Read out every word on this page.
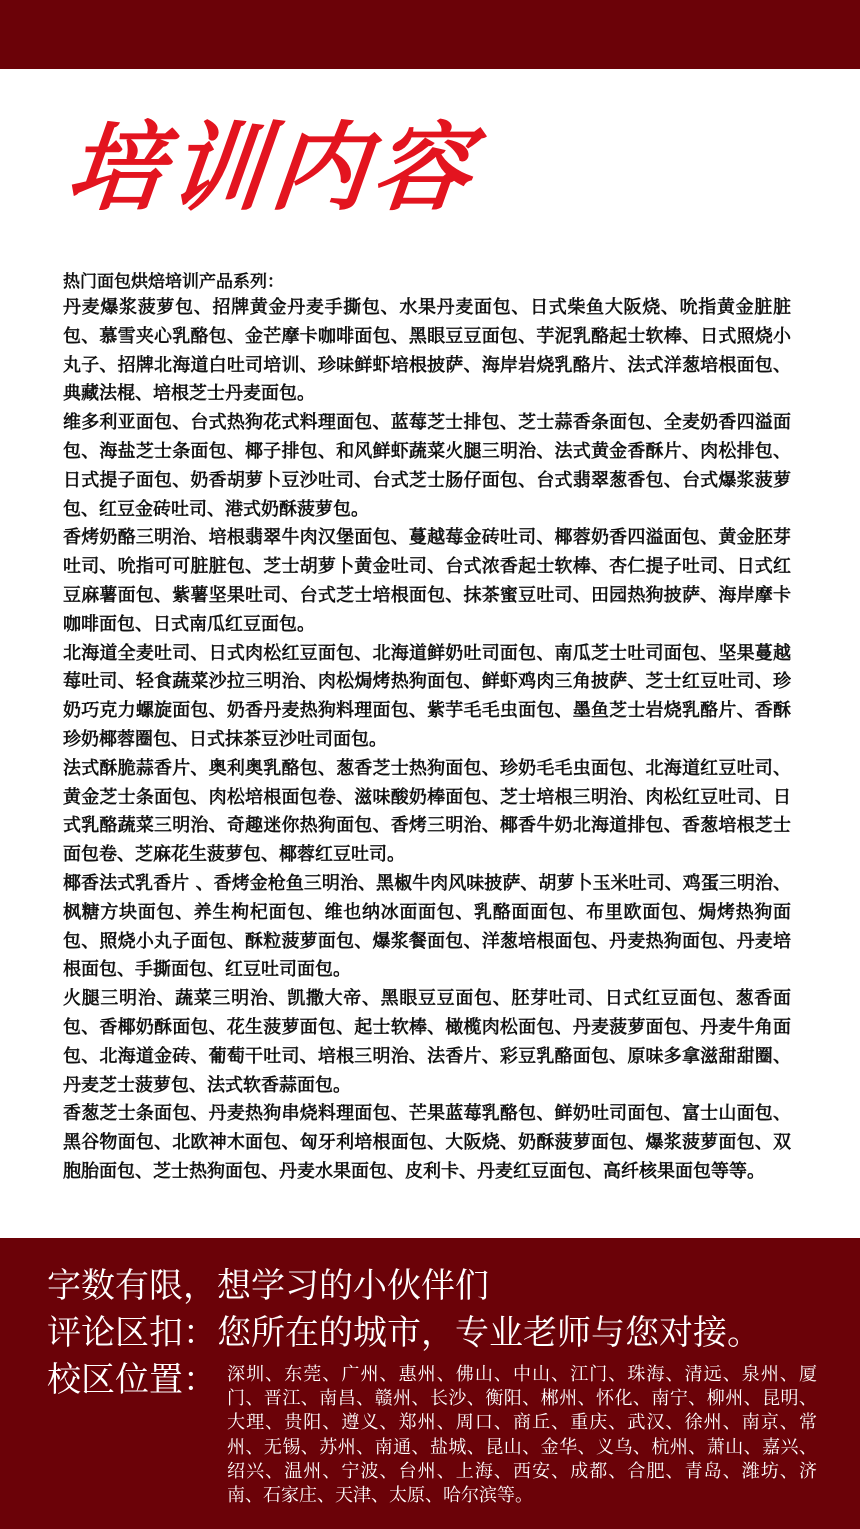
培训内容

热门面包烘焙培训产品系列：

丹麦爆浆菠萝包、招牌黄金丹麦手撕包、水果丹麦面包、日式柴鱼大阪烧、吮指黄金脏脏包、慕雪夹心乳酪包、金芒摩卡咖啡面包、黑眼豆豆面包、芋泥乳酪起士软棒、日式照烧小丸子、招牌北海道白吐司培训、珍味鲜虾培根披萨、海岸岩烧乳酪片、法式洋葱培根面包、典藏法棍、培根芝士丹麦面包。

维多利亚面包、台式热狗花式料理面包、蓝莓芝士排包、芝士蒜香条面包、全麦奶香四溢面包、海盐芝士条面包、椰子排包、和风鲜虾蔬菜火腿三明治、法式黄金香酥片、肉松排包、日式提子面包、奶香胡萝卜豆沙吐司、台式芝士肠仔面包、台式翡翠葱香包、台式爆浆菠萝包、红豆金砖吐司、港式奶酥菠萝包。

香烤奶酪三明治、培根翡翠牛肉汉堡面包、蔓越莓金砖吐司、椰蓉奶香四溢面包、黄金胚芽吐司、吮指可可脏脏包、芝士胡萝卜黄金吐司、台式浓香起士软棒、杏仁提子吐司、日式红豆麻薯面包、紫薯坚果吐司、台式芝士培根面包、抹茶蜜豆吐司、田园热狗披萨、海岸摩卡咖啡面包、日式南瓜红豆面包。

北海道全麦吐司、日式肉松红豆面包、北海道鲜奶吐司面包、南瓜芝士吐司面包、坚果蔓越莓吐司、轻食蔬菜沙拉三明治、肉松焗烤热狗面包、鲜虾鸡肉三角披萨、芝士红豆吐司、珍奶巧克力螺旋面包、奶香丹麦热狗料理面包、紫芋毛毛虫面包、墨鱼芝士岩烧乳酪片、香酥珍奶椰蓉圈包、日式抹茶豆沙吐司面包。

法式酥脆蒜香片、奥利奥乳酪包、葱香芝士热狗面包、珍奶毛毛虫面包、北海道红豆吐司、黄金芝士条面包、肉松培根面包卷、滋味酸奶棒面包、芝士培根三明治、肉松红豆吐司、日式乳酪蔬菜三明治、奇趣迷你热狗面包、香烤三明治、椰香牛奶北海道排包、香葱培根芝士面包卷、芝麻花生菠萝包、椰蓉红豆吐司。

椰香法式乳香片 、香烤金枪鱼三明治、黑椒牛肉风味披萨、胡萝卜玉米吐司、鸡蛋三明治、枫糖方块面包、养生枸杞面包、维也纳冰面面包、乳酪面面包、布里欧面包、焗烤热狗面包、照烧小丸子面包、酥粒菠萝面包、爆浆餐面包、洋葱培根面包、丹麦热狗面包、丹麦培根面包、手撕面包、红豆吐司面包。

火腿三明治、蔬菜三明治、凯撒大帝、黑眼豆豆面包、胚芽吐司、日式红豆面包、葱香面包、香椰奶酥面包、花生菠萝面包、起士软棒、橄榄肉松面包、丹麦菠萝面包、丹麦牛角面包、北海道金砖、葡萄干吐司、培根三明治、法香片、彩豆乳酪面包、原味多拿滋甜甜圈、丹麦芝士菠萝包、法式软香蒜面包。

香葱芝士条面包、丹麦热狗串烧料理面包、芒果蓝莓乳酪包、鲜奶吐司面包、富士山面包、黑谷物面包、北欧神木面包、匈牙利培根面包、大阪烧、奶酥菠萝面包、爆浆菠萝面包、双胞胎面包、芝士热狗面包、丹麦水果面包、皮利卡、丹麦红豆面包、高纤核果面包等等。

字数有限，想学习的小伙伴们

评论区扣：您所在的城市，专业老师与您对接。

校区位置： 深圳、东莞、广州、惠州、佛山、中山、江门、珠海、清远、泉州、厦门、晋江、南昌、赣州、长沙、衡阳、郴州、怀化、南宁、柳州、昆明、大理、贵阳、遵义、郑州、周口、商丘、重庆、武汉、徐州、南京、常州、无锡、苏州、南通、盐城、昆山、金华、义乌、杭州、萧山、嘉兴、绍兴、温州、宁波、台州、上海、西安、成都、合肥、青岛、潍坊、济南、石家庄、天津、太原、哈尔滨等。
